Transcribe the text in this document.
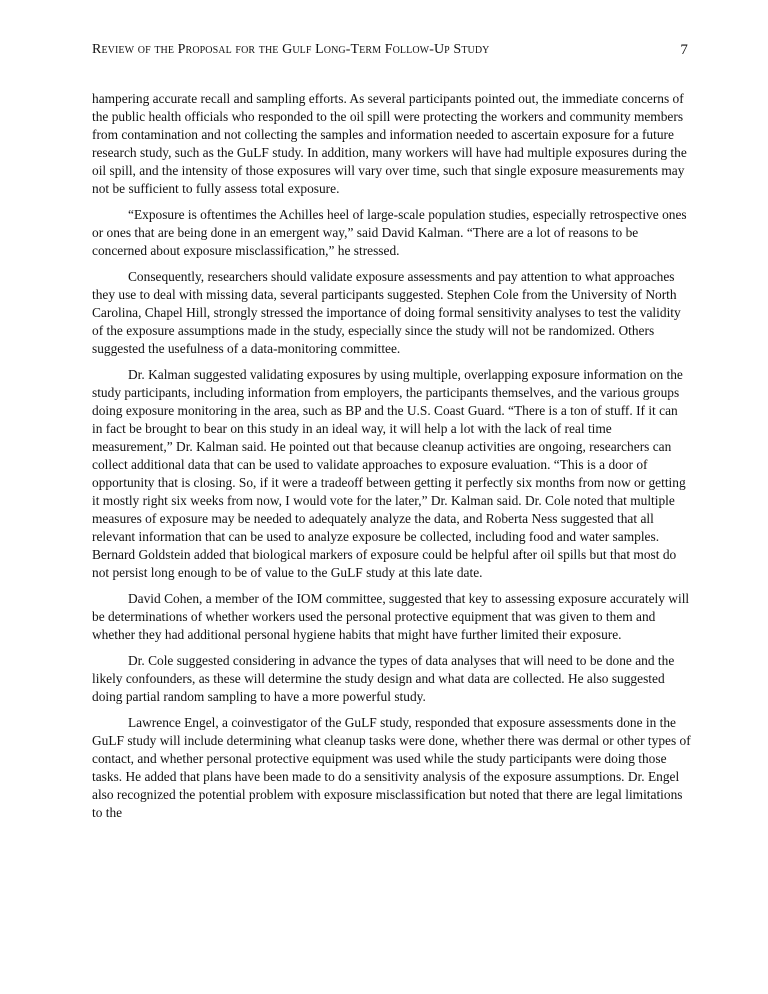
Review of the Proposal for the Gulf Long-Term Follow-Up Study	7

hampering accurate recall and sampling efforts. As several participants pointed out, the immediate concerns of the public health officials who responded to the oil spill were protecting the workers and community members from contamination and not collecting the samples and information needed to ascertain exposure for a future research study, such as the GuLF study. In addition, many workers will have had multiple exposures during the oil spill, and the intensity of those exposures will vary over time, such that single exposure measurements may not be sufficient to fully assess total exposure.

“Exposure is oftentimes the Achilles heel of large-scale population studies, especially retrospective ones or ones that are being done in an emergent way,” said David Kalman. “There are a lot of reasons to be concerned about exposure misclassification,” he stressed.

Consequently, researchers should validate exposure assessments and pay attention to what approaches they use to deal with missing data, several participants suggested. Stephen Cole from the University of North Carolina, Chapel Hill, strongly stressed the importance of doing formal sensitivity analyses to test the validity of the exposure assumptions made in the study, especially since the study will not be randomized. Others suggested the usefulness of a data-monitoring committee.

Dr. Kalman suggested validating exposures by using multiple, overlapping exposure information on the study participants, including information from employers, the participants themselves, and the various groups doing exposure monitoring in the area, such as BP and the U.S. Coast Guard. “There is a ton of stuff. If it can in fact be brought to bear on this study in an ideal way, it will help a lot with the lack of real time measurement,” Dr. Kalman said. He pointed out that because cleanup activities are ongoing, researchers can collect additional data that can be used to validate approaches to exposure evaluation. “This is a door of opportunity that is closing. So, if it were a tradeoff between getting it perfectly six months from now or getting it mostly right six weeks from now, I would vote for the later,” Dr. Kalman said. Dr. Cole noted that multiple measures of exposure may be needed to adequately analyze the data, and Roberta Ness suggested that all relevant information that can be used to analyze exposure be collected, including food and water samples. Bernard Goldstein added that biological markers of exposure could be helpful after oil spills but that most do not persist long enough to be of value to the GuLF study at this late date.

David Cohen, a member of the IOM committee, suggested that key to assessing exposure accurately will be determinations of whether workers used the personal protective equipment that was given to them and whether they had additional personal hygiene habits that might have further limited their exposure.

Dr. Cole suggested considering in advance the types of data analyses that will need to be done and the likely confounders, as these will determine the study design and what data are collected. He also suggested doing partial random sampling to have a more powerful study.

Lawrence Engel, a coinvestigator of the GuLF study, responded that exposure assessments done in the GuLF study will include determining what cleanup tasks were done, whether there was dermal or other types of contact, and whether personal protective equipment was used while the study participants were doing those tasks. He added that plans have been made to do a sensitivity analysis of the exposure assumptions. Dr. Engel also recognized the potential problem with exposure misclassification but noted that there are legal limitations to the
